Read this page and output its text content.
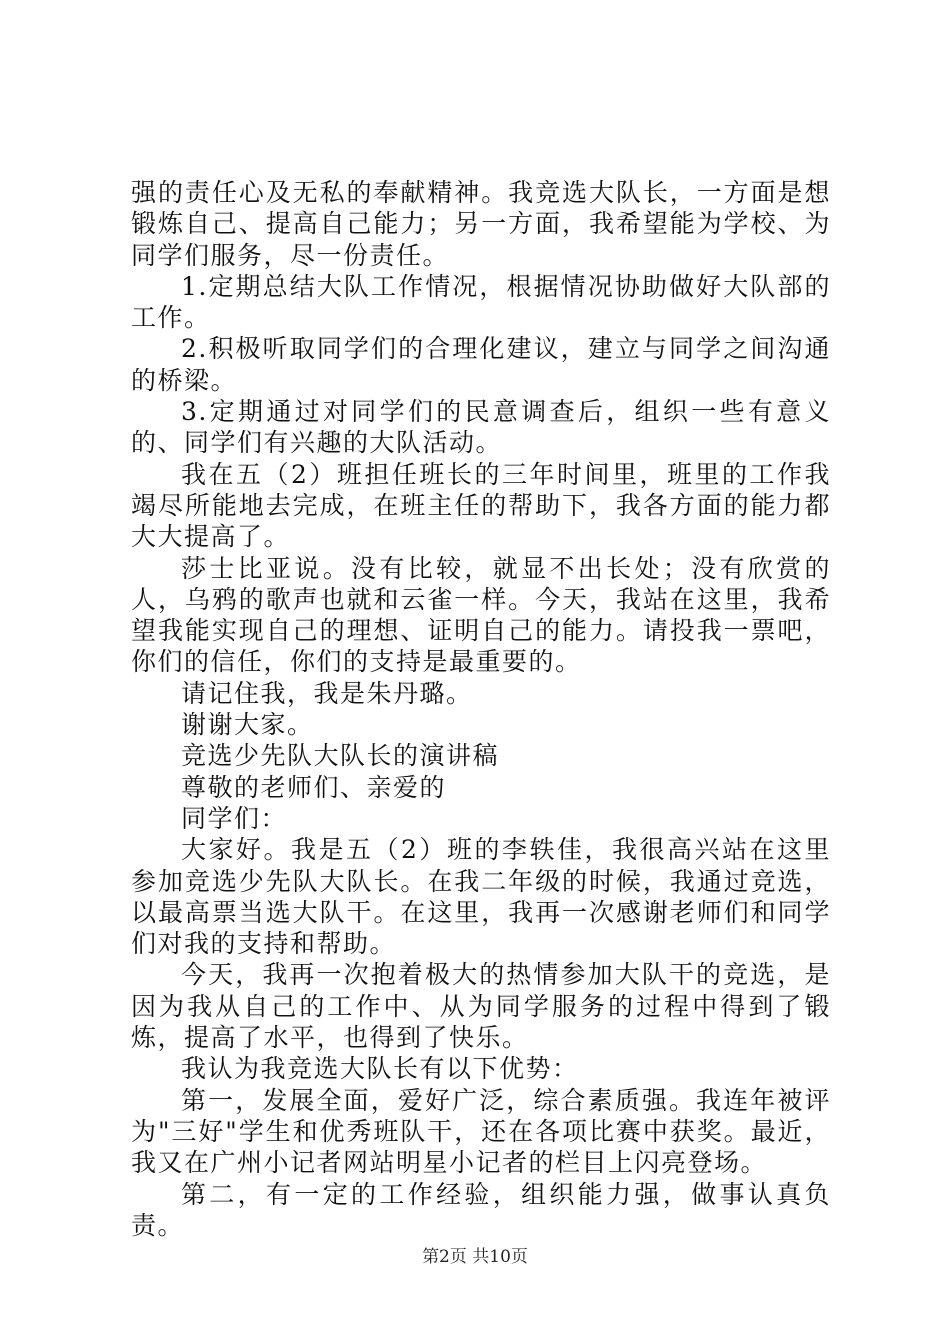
强的责任心及无私的奉献精神。我竞选大队长，一方面是想锻炼自己、提高自己能力；另一方面，我希望能为学校、为同学们服务，尽一份责任。

1.定期总结大队工作情况，根据情况协助做好大队部的工作。

2.积极听取同学们的合理化建议，建立与同学之间沟通的桥梁。

3.定期通过对同学们的民意调查后，组织一些有意义的、同学们有兴趣的大队活动。

我在五（2）班担任班长的三年时间里，班里的工作我竭尽所能地去完成，在班主任的帮助下，我各方面的能力都大大提高了。

莎士比亚说。没有比较，就显不出长处；没有欣赏的人，乌鸦的歌声也就和云雀一样。今天，我站在这里，我希望我能实现自己的理想、证明自己的能力。请投我一票吧，你们的信任，你们的支持是最重要的。

请记住我，我是朱丹璐。

谢谢大家。

竞选少先队大队长的演讲稿

尊敬的老师们、亲爱的

同学们：

大家好。我是五（2）班的李轶佳，我很高兴站在这里参加竞选少先队大队长。在我二年级的时候，我通过竞选，以最高票当选大队干。在这里，我再一次感谢老师们和同学们对我的支持和帮助。

今天，我再一次抱着极大的热情参加大队干的竞选，是因为我从自己的工作中、从为同学服务的过程中得到了锻炼，提高了水平，也得到了快乐。

我认为我竞选大队长有以下优势：

第一，发展全面，爱好广泛，综合素质强。我连年被评为"三好"学生和优秀班队干，还在各项比赛中获奖。最近，我又在广州小记者网站明星小记者的栏目上闪亮登场。

第二，有一定的工作经验，组织能力强，做事认真负责。

第2页 共10页
